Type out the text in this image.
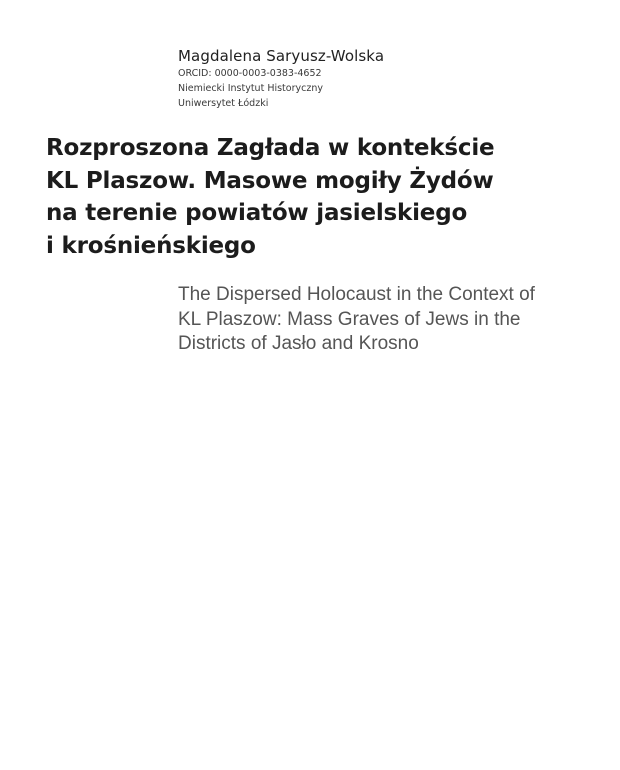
Magdalena Saryusz-Wolska
ORCID: 0000-0003-0383-4652
Niemiecki Instytut Historyczny
Uniwersytet Łódzki
Rozproszona Zagłada w kontekście
KL Plaszow. Masowe mogiły Żydów
na terenie powiatów jasielskiego
i krośnieńskiego
The Dispersed Holocaust in the Context of
KL Plaszow: Mass Graves of Jews in the
Districts of Jasło and Krosno
